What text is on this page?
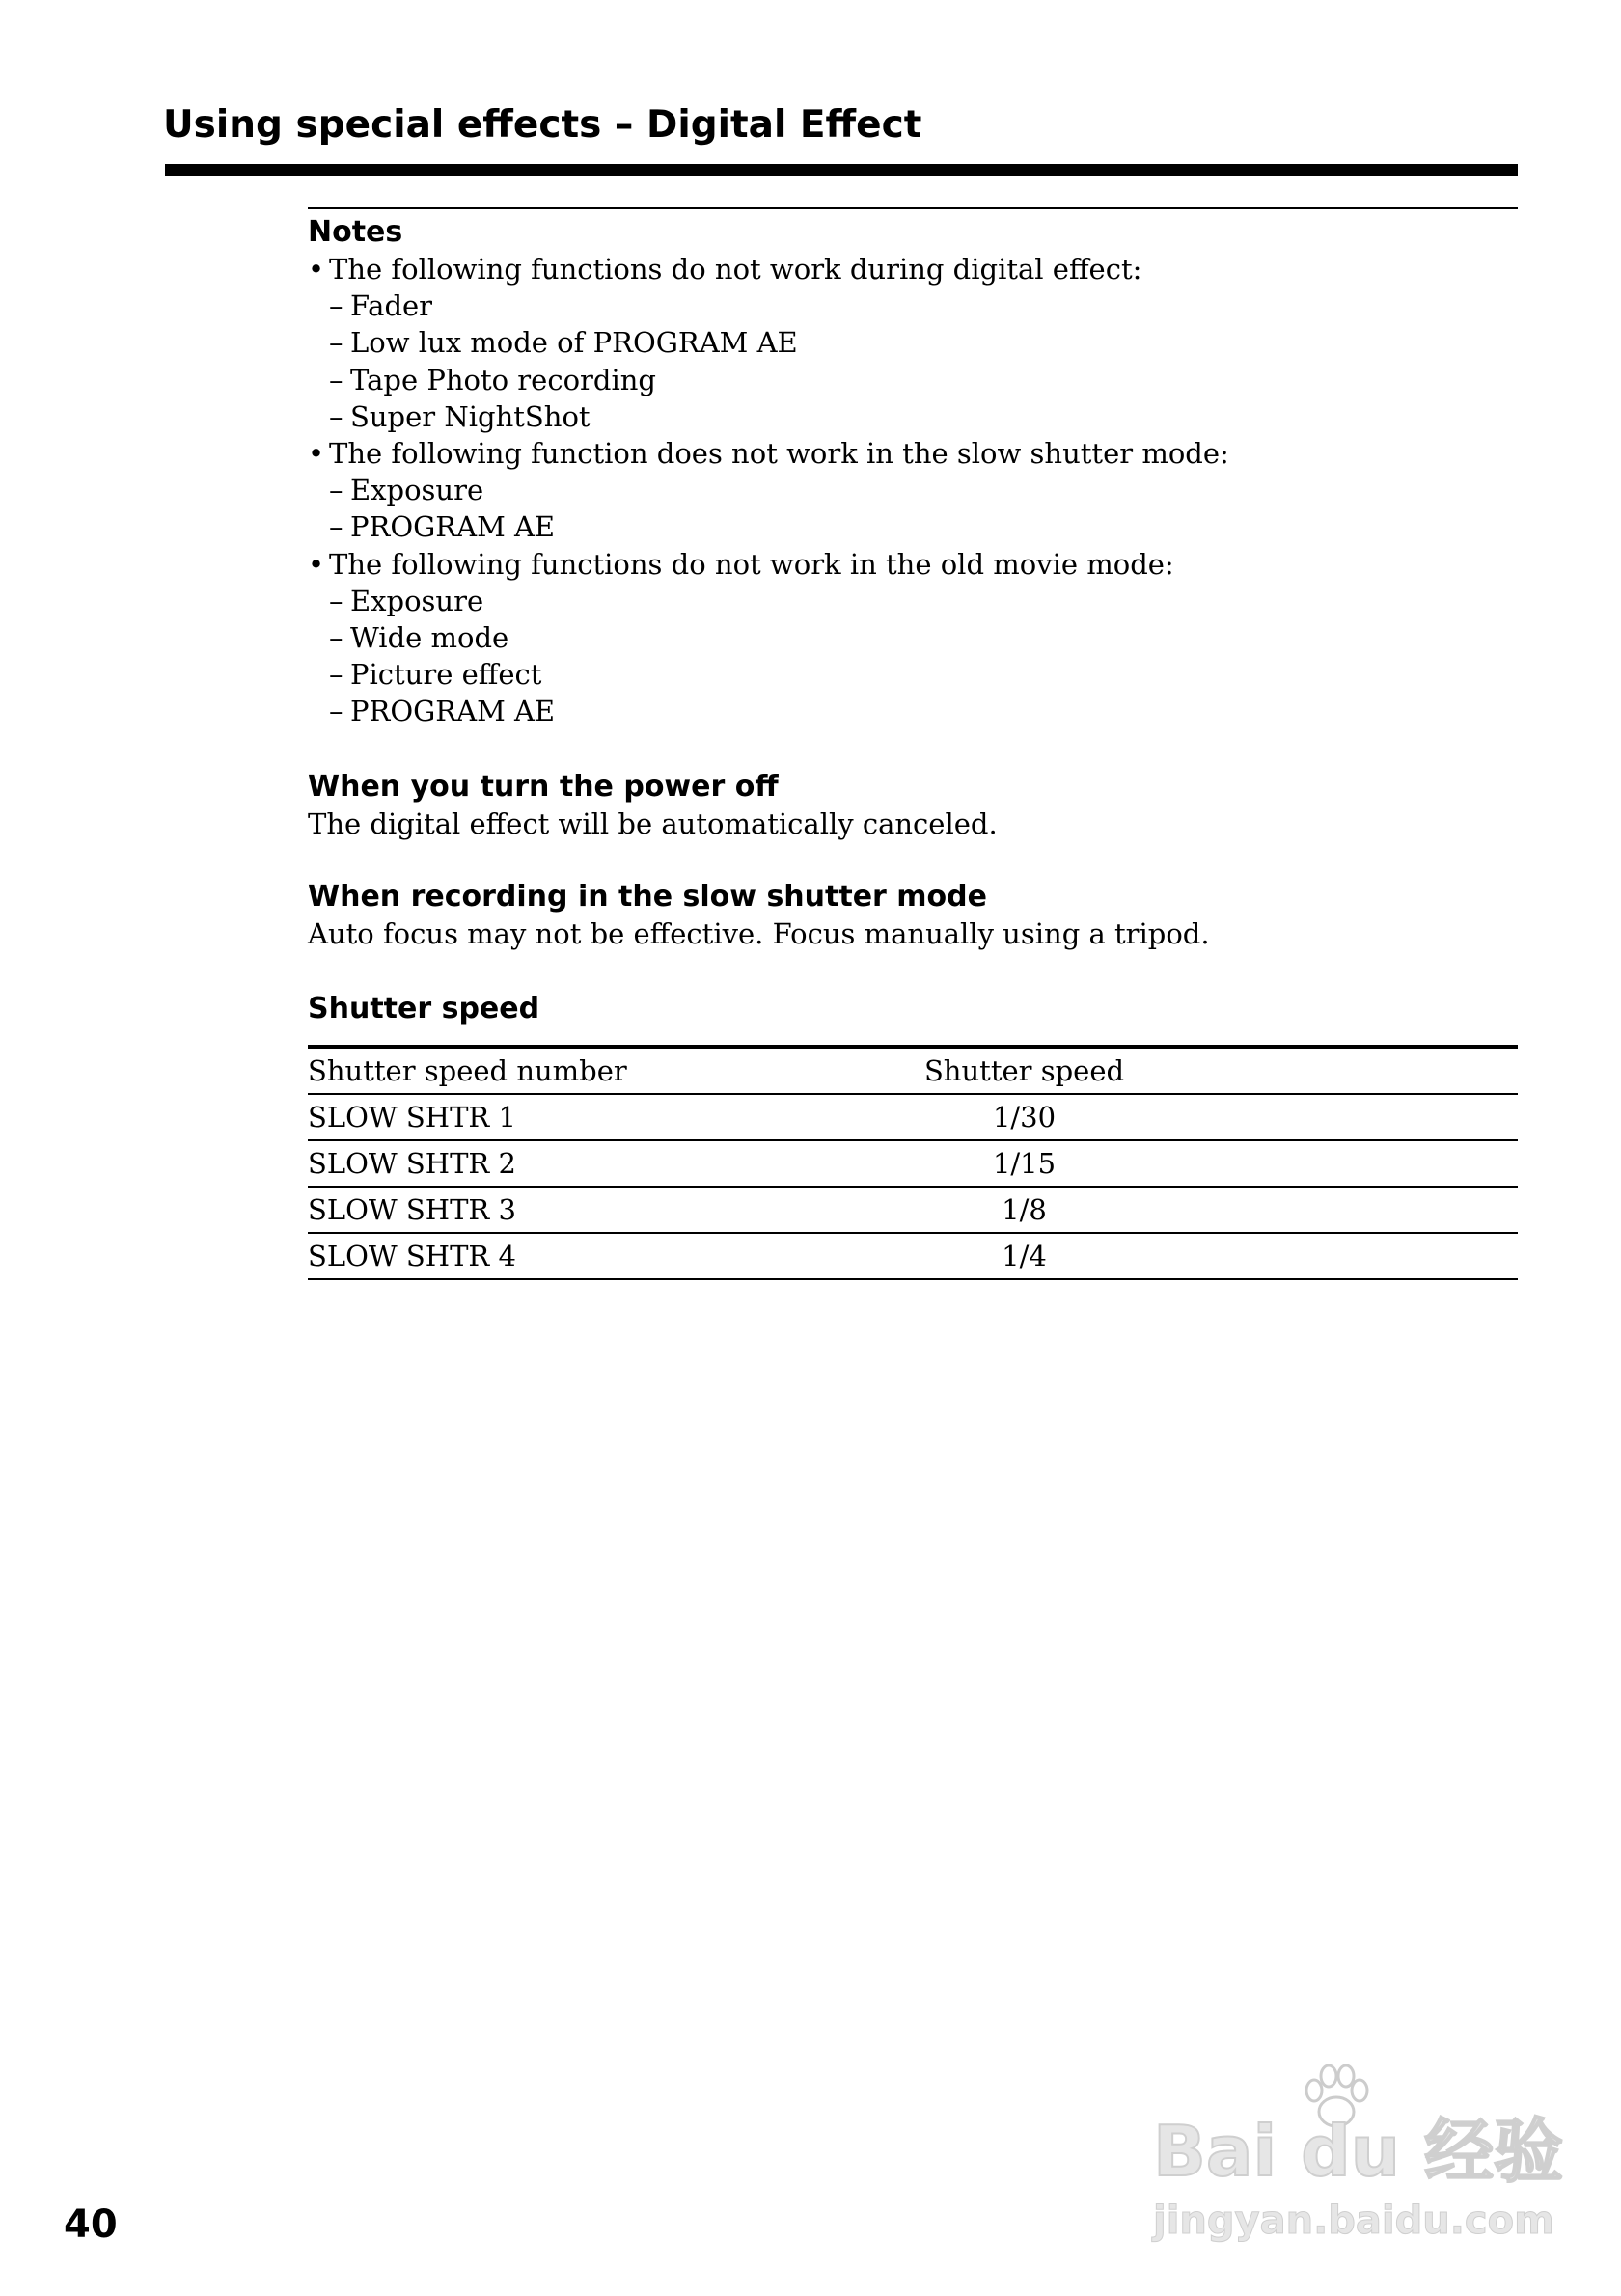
Using special effects – Digital Effect

Notes

• The following functions do not work during digital effect:

– Fader

– Low lux mode of PROGRAM AE

– Tape Photo recording

– Super NightShot

• The following function does not work in the slow shutter mode:

– Exposure

– PROGRAM AE

• The following functions do not work in the old movie mode:

– Exposure

– Wide mode

– Picture effect

– PROGRAM AE

When you turn the power off

The digital effect will be automatically canceled.

When recording in the slow shutter mode

Auto focus may not be effective. Focus manually using a tripod.

Shutter speed

Shutter speed number	Shutter speed	
SLOW SHTR 1	1/30	
SLOW SHTR 2	1/15	
SLOW SHTR 3	1/8	
SLOW SHTR 4	1/4	
Bai du 经验
jingyan.baidu.com
40
